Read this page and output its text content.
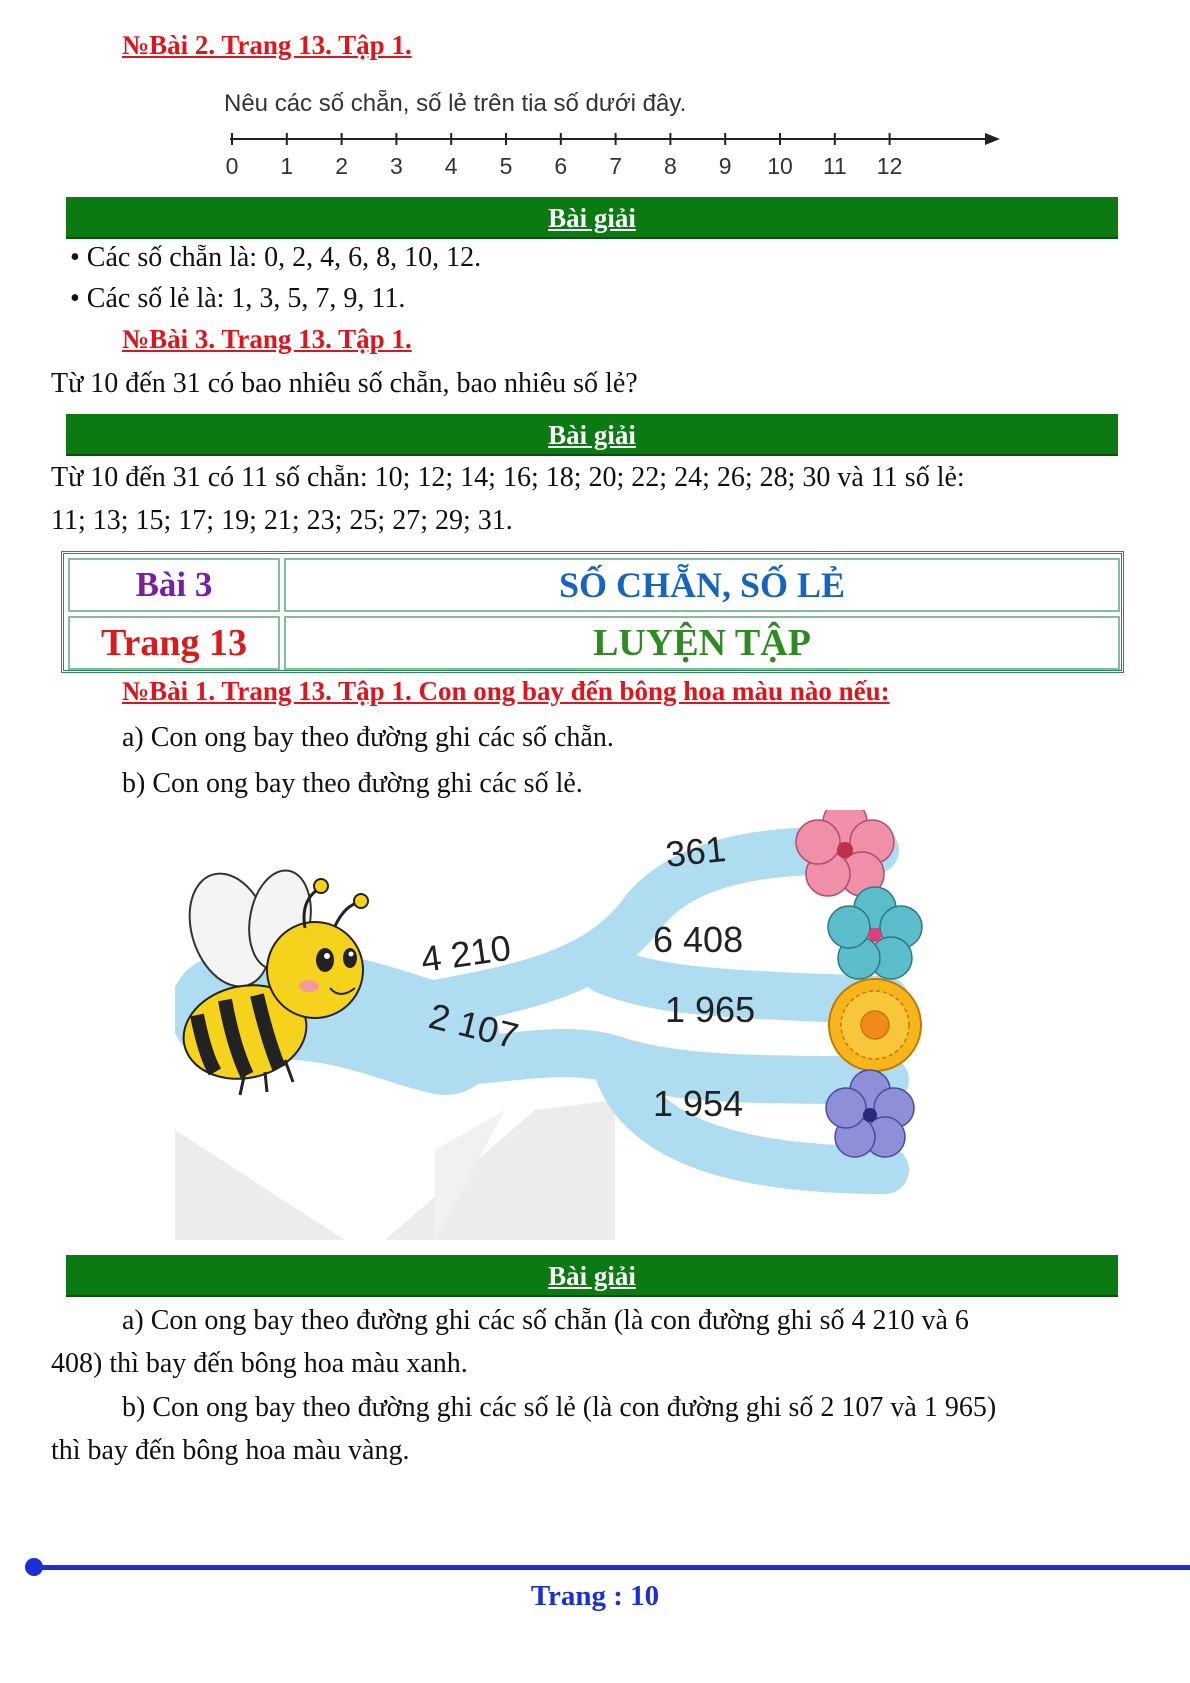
№Bài 2. Trang 13. Tập 1.
Nêu các số chẵn, số lẻ trên tia số dưới đây.
0 1 2 3 4 5 6 7 8 9 10 11 12
Bài giải
• Các số chẵn là: 0, 2, 4, 6, 8, 10, 12.
• Các số lẻ là: 1, 3, 5, 7, 9, 11.
№Bài 3. Trang 13. Tập 1.
Từ 10 đến 31 có bao nhiêu số chẵn, bao nhiêu số lẻ?
Bài giải
Từ 10 đến 31 có 11 số chẵn: 10; 12; 14; 16; 18; 20; 22; 24; 26; 28; 30 và 11 số lẻ:
11; 13; 15; 17; 19; 21; 23; 25; 27; 29; 31.
Bài 3	SỐ CHẴN, SỐ LẺ
Trang 13	LUYỆN TẬP
№Bài 1. Trang 13. Tập 1. Con ong bay đến bông hoa màu nào nếu:
a) Con ong bay theo đường ghi các số chẵn.
b) Con ong bay theo đường ghi các số lẻ.
361
6 408
4 210
1 965
2 107
1 954
Bài giải
a) Con ong bay theo đường ghi các số chẵn (là con đường ghi số 4 210 và 6
408) thì bay đến bông hoa màu xanh.
b) Con ong bay theo đường ghi các số lẻ (là con đường ghi số 2 107 và 1 965)
thì bay đến bông hoa màu vàng.
Trang : 10
